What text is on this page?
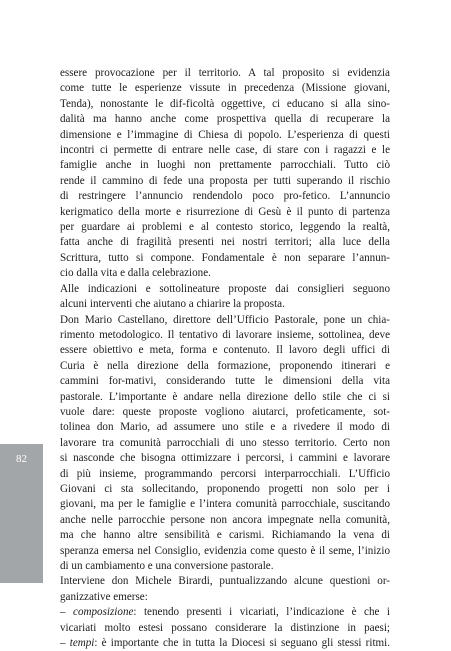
82
essere provocazione per il territorio. A tal proposito si evidenzia
come tutte le esperienze vissute in precedenza (Missione giovani,
Tenda), nonostante le dif-ficoltà oggettive, ci educano si alla sino-
dalità ma hanno anche come prospettiva quella di recuperare la
dimensione e l’immagine di Chiesa di popolo. L’esperienza di questi
incontri ci permette di entrare nelle case, di stare con i ragazzi e le
famiglie anche in luoghi non prettamente parrocchiali. Tutto ciò
rende il cammino di fede una proposta per tutti superando il rischio
di restringere l’annuncio rendendolo poco pro-fetico. L’annuncio
kerigmatico della morte e risurrezione di Gesù è il punto di partenza
per guardare ai problemi e al contesto storico, leggendo la realtà,
fatta anche di fragilità presenti nei nostri territori; alla luce della
Scrittura, tutto si compone. Fondamentale è non separare l’annun-
cio dalla vita e dalla celebrazione.
Alle indicazioni e sottolineature proposte dai consiglieri seguono
alcuni interventi che aiutano a chiarire la proposta.
Don Mario Castellano, direttore dell’Ufficio Pastorale, pone un chia-
rimento metodologico. Il tentativo di lavorare insieme, sottolinea, deve
essere obiettivo e meta, forma e contenuto. Il lavoro degli uffici di
Curia è nella direzione della formazione, proponendo itinerari e
cammini for-mativi, considerando tutte le dimensioni della vita
pastorale. L’importante è andare nella direzione dello stile che ci si
vuole dare: queste proposte vogliono aiutarci, profeticamente, sot-
tolinea don Mario, ad assumere uno stile e a rivedere il modo di
lavorare tra comunità parrocchiali di uno stesso territorio. Certo non
si nasconde che bisogna ottimizzare i percorsi, i cammini e lavorare
di più insieme, programmando percorsi interparrocchiali. L’Ufficio
Giovani ci sta sollecitando, proponendo progetti non solo per i
giovani, ma per le famiglie e l’intera comunità parrocchiale, suscitando
anche nelle parrocchie persone non ancora impegnate nella comunità,
ma che hanno altre sensibilità e carismi. Richiamando la vena di
speranza emersa nel Consiglio, evidenzia come questo è il seme, l’inizio
di un cambiamento e una conversione pastorale.
Interviene don Michele Birardi, puntualizzando alcune questioni or-
ganizzative emerse:
– composizione: tenendo presenti i vicariati, l’indicazione è che i
vicariati molto estesi possano considerare la distinzione in paesi;
– tempi: è importante che in tutta la Diocesi si seguano gli stessi ritmi.
